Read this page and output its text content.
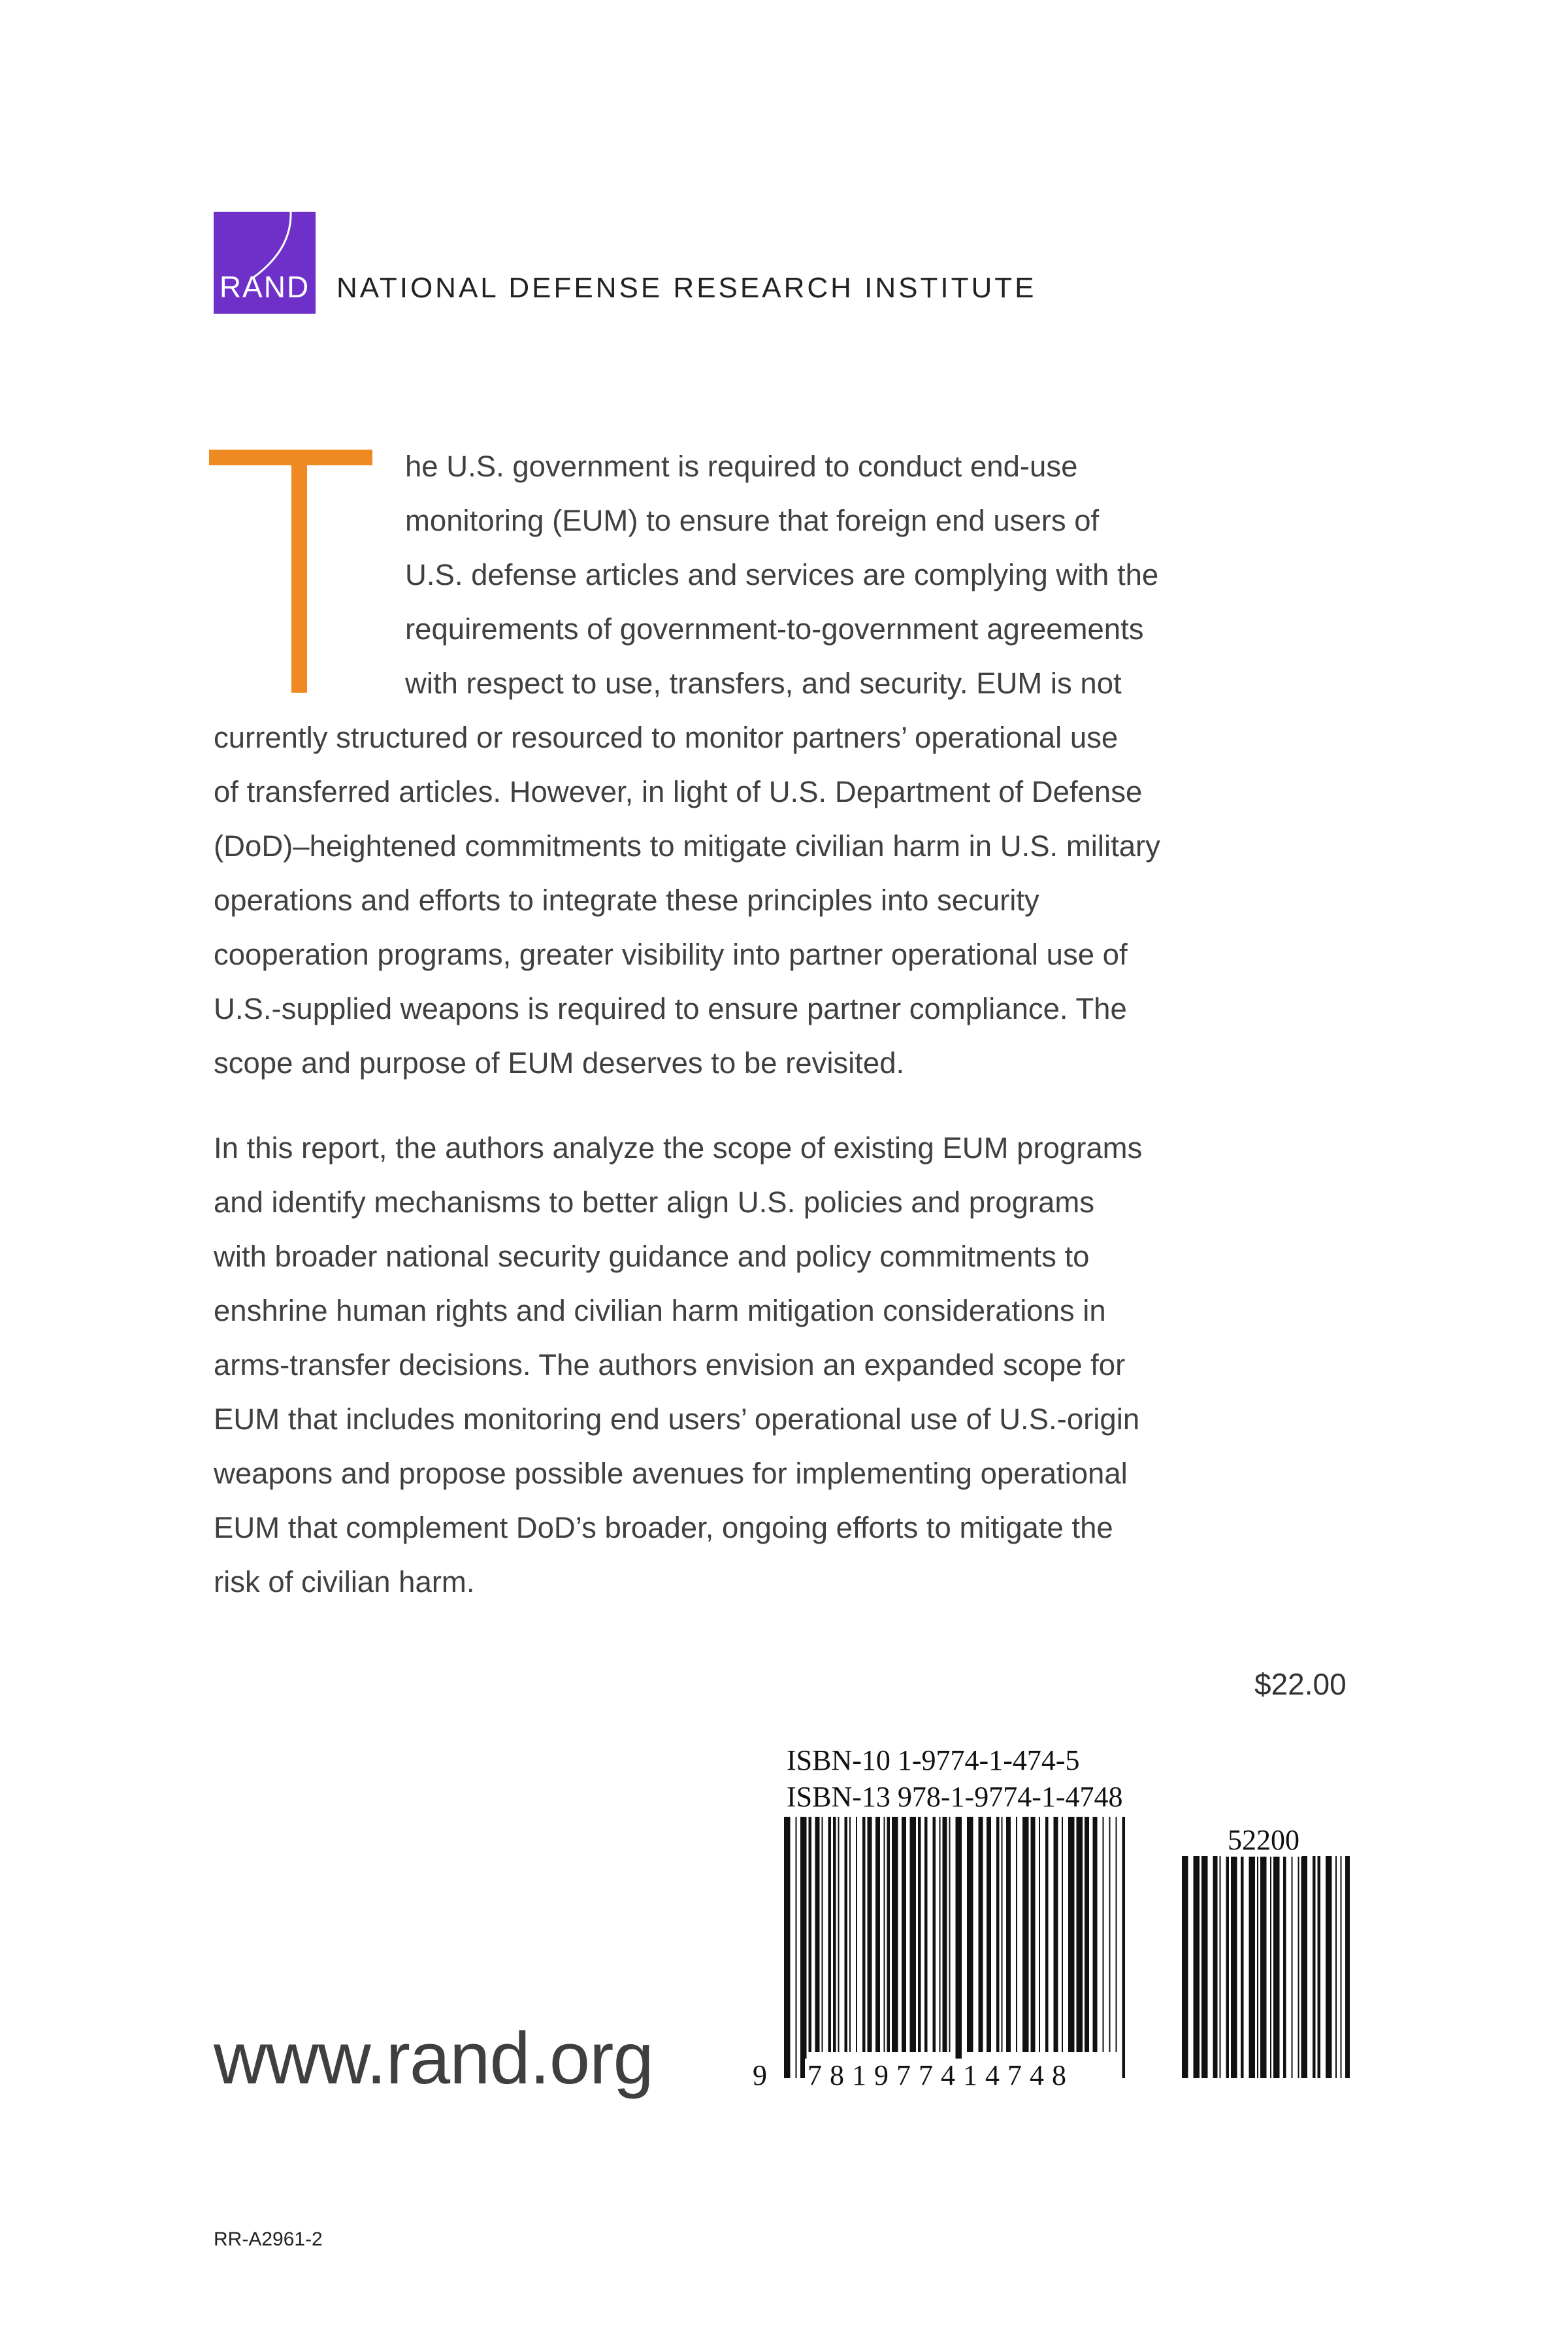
RAND NATIONAL DEFENSE RESEARCH INSTITUTE
he U.S. government is required to conduct end-use
monitoring (EUM) to ensure that foreign end users of
U.S. defense articles and services are complying with the
requirements of government-to-government agreements
with respect to use, transfers, and security. EUM is not
currently structured or resourced to monitor partners’ operational use
of transferred articles. However, in light of U.S. Department of Defense
(DoD)–heightened commitments to mitigate civilian harm in U.S. military
operations and efforts to integrate these principles into security
cooperation programs, greater visibility into partner operational use of
U.S.-supplied weapons is required to ensure partner compliance. The
scope and purpose of EUM deserves to be revisited.
In this report, the authors analyze the scope of existing EUM programs
and identify mechanisms to better align U.S. policies and programs
with broader national security guidance and policy commitments to
enshrine human rights and civilian harm mitigation considerations in
arms-transfer decisions. The authors envision an expanded scope for
EUM that includes monitoring end users’ operational use of U.S.-origin
weapons and propose possible avenues for implementing operational
EUM that complement DoD’s broader, ongoing efforts to mitigate the
risk of civilian harm.
$22.00
ISBN-10 1-9774-1-474-5
ISBN-13 978-1-9774-1-4748
52200
9 781977414748
www.rand.org
RR-A2961-2
